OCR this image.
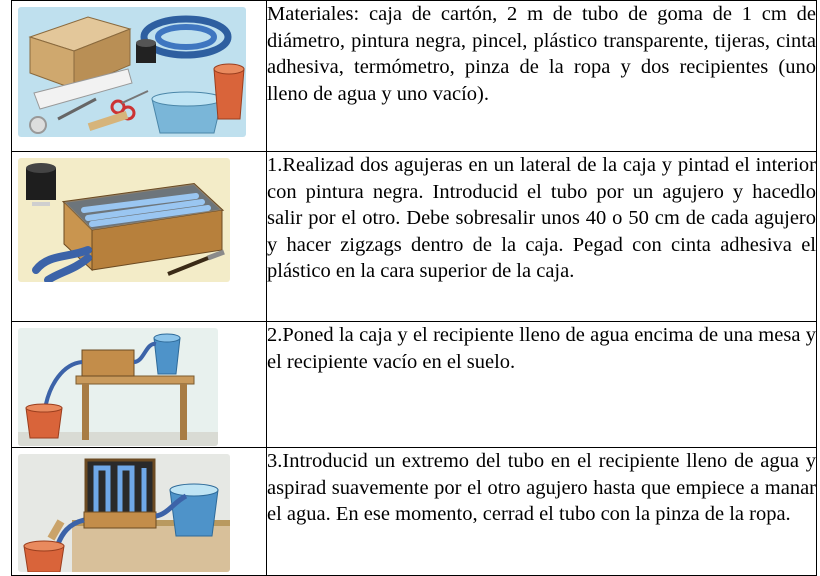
Materiales: caja de cartón, 2 m de tubo de goma de 1 cm de diámetro, pintura negra, pincel, plástico transparente, tijeras, cinta adhesiva, termómetro, pinza de la ropa y dos recipientes (uno lleno de agua y uno vacío).

1.Realizad dos agujeras en un lateral de la caja y pintad el interior con pintura negra. Introducid el tubo por un agujero y hacedlo salir por el otro. Debe sobresalir unos 40 o 50 cm de cada agujero y hacer zigzags dentro de la caja. Pegad con cinta adhesiva el plástico en la cara superior de la caja.

2.Poned la caja y el recipiente lleno de agua encima de una mesa y el recipiente vacío en el suelo.

3.Introducid un extremo del tubo en el recipiente lleno de agua y aspirad suavemente por el otro agujero hasta que empiece a manar el agua. En ese momento, cerrad el tubo con la pinza de la ropa.
